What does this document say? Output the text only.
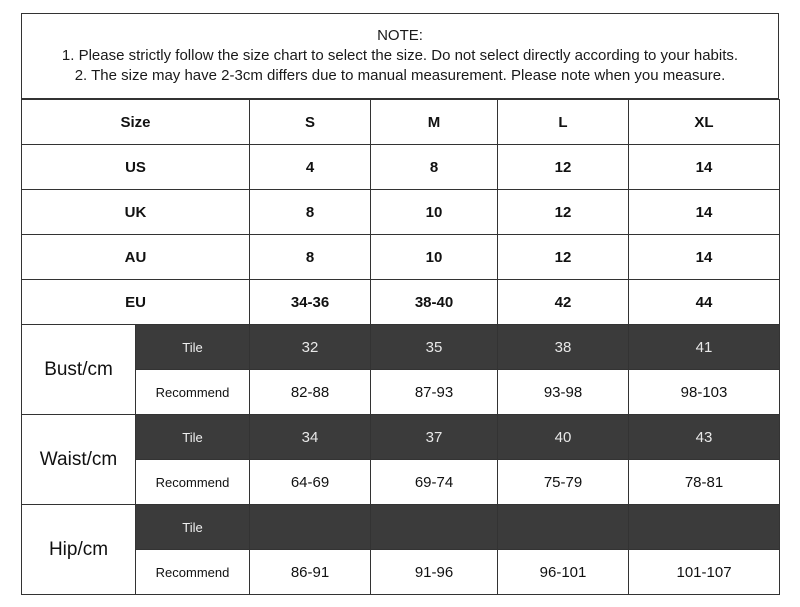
NOTE:
1. Please strictly follow the size chart to select the size. Do not select directly according to your habits.
2. The size may have 2-3cm differs due to manual measurement. Please note when you measure.
Size		S	M	L	XL
US		4	8	12	14
UK		8	10	12	14
AU		8	10	12	14
EU		34-36	38-40	42	44
Bust/cm	Tile	32	35	38	41
	Recommend	82-88	87-93	93-98	98-103
Waist/cm	Tile	34	37	40	43
	Recommend	64-69	69-74	75-79	78-81
Hip/cm	Tile				
	Recommend	86-91	91-96	96-101	101-107
